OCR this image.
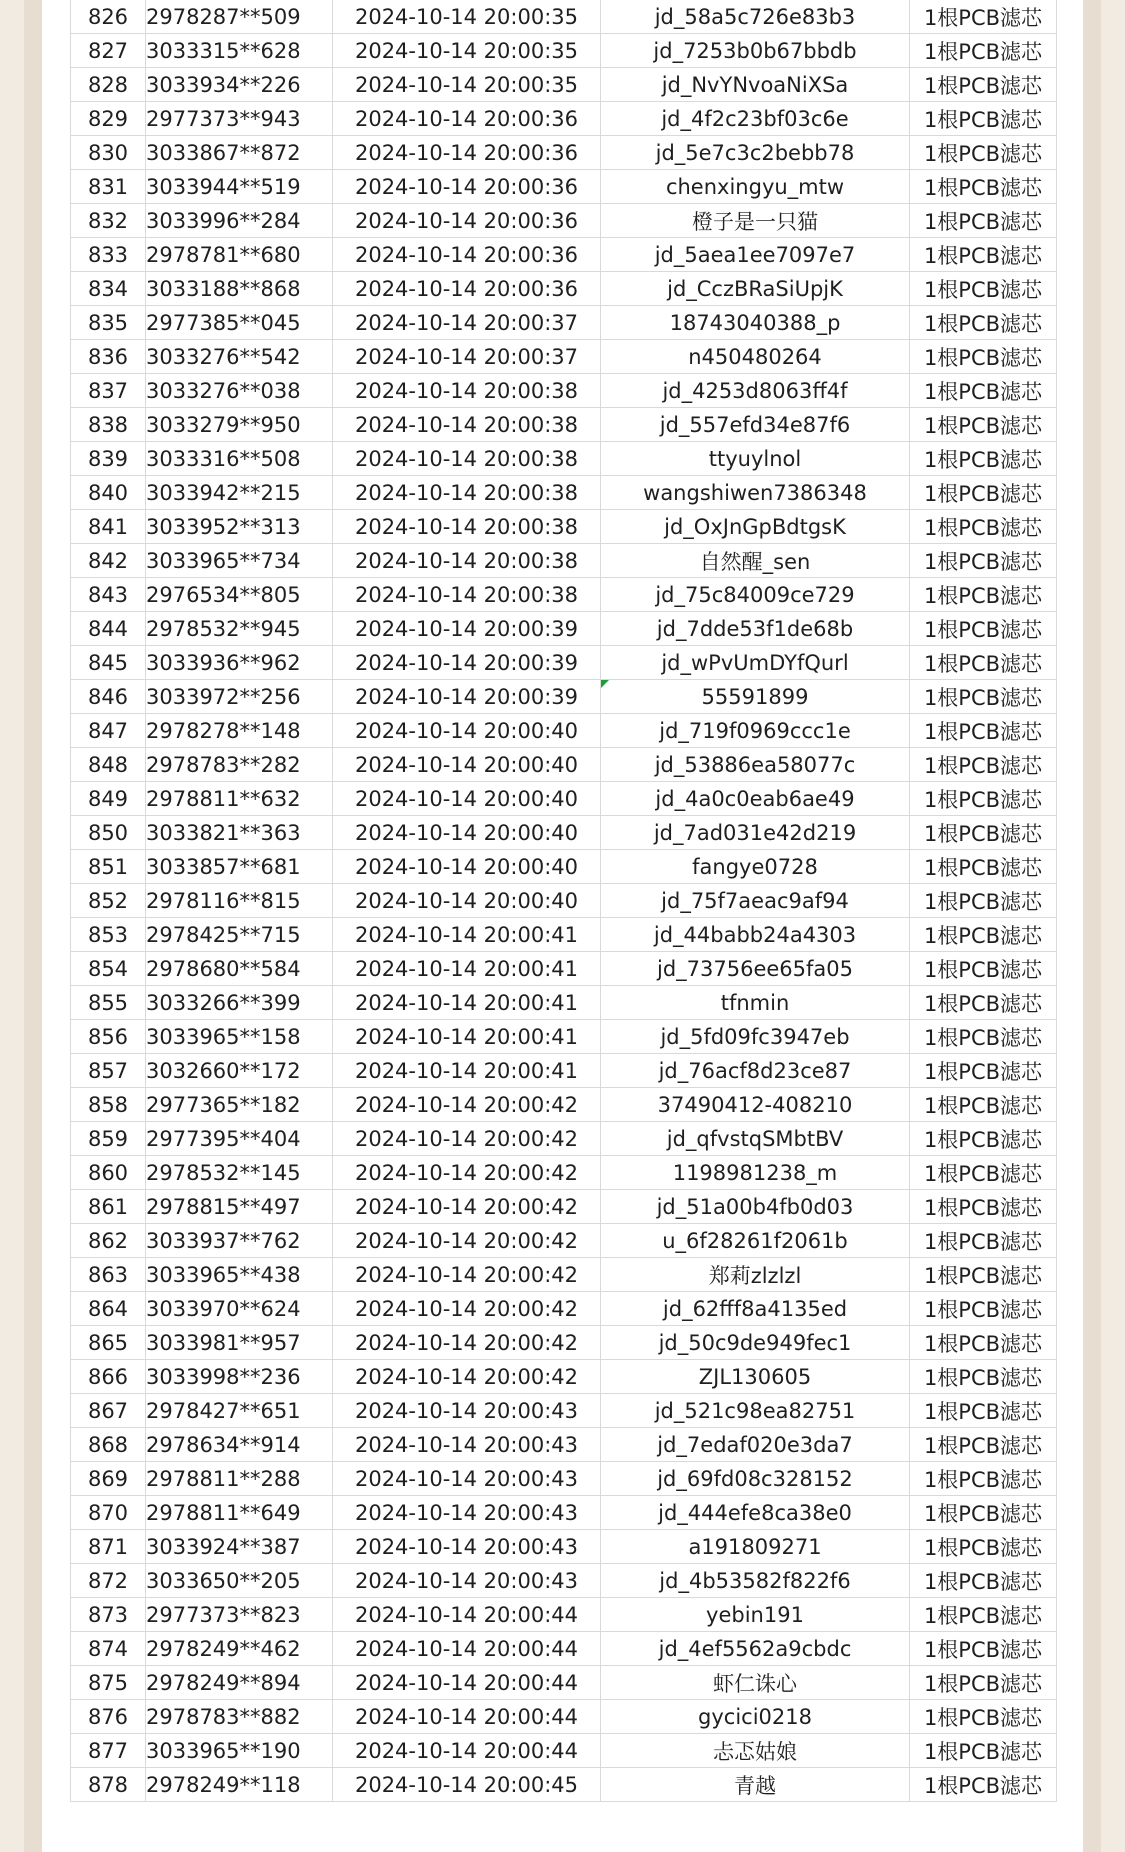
826	2978287**509	2024-10-14 20:00:35	jd_58a5c726e83b3	1根PCB滤芯
827	3033315**628	2024-10-14 20:00:35	jd_7253b0b67bbdb	1根PCB滤芯
828	3033934**226	2024-10-14 20:00:35	jd_NvYNvoaNiXSa	1根PCB滤芯
829	2977373**943	2024-10-14 20:00:36	jd_4f2c23bf03c6e	1根PCB滤芯
830	3033867**872	2024-10-14 20:00:36	jd_5e7c3c2bebb78	1根PCB滤芯
831	3033944**519	2024-10-14 20:00:36	chenxingyu_mtw	1根PCB滤芯
832	3033996**284	2024-10-14 20:00:36	橙子是一只猫	1根PCB滤芯
833	2978781**680	2024-10-14 20:00:36	jd_5aea1ee7097e7	1根PCB滤芯
834	3033188**868	2024-10-14 20:00:36	jd_CczBRaSiUpjK	1根PCB滤芯
835	2977385**045	2024-10-14 20:00:37	18743040388_p	1根PCB滤芯
836	3033276**542	2024-10-14 20:00:37	n450480264	1根PCB滤芯
837	3033276**038	2024-10-14 20:00:38	jd_4253d8063ff4f	1根PCB滤芯
838	3033279**950	2024-10-14 20:00:38	jd_557efd34e87f6	1根PCB滤芯
839	3033316**508	2024-10-14 20:00:38	ttyuylnol	1根PCB滤芯
840	3033942**215	2024-10-14 20:00:38	wangshiwen7386348	1根PCB滤芯
841	3033952**313	2024-10-14 20:00:38	jd_OxJnGpBdtgsK	1根PCB滤芯
842	3033965**734	2024-10-14 20:00:38	自然醒_sen	1根PCB滤芯
843	2976534**805	2024-10-14 20:00:38	jd_75c84009ce729	1根PCB滤芯
844	2978532**945	2024-10-14 20:00:39	jd_7dde53f1de68b	1根PCB滤芯
845	3033936**962	2024-10-14 20:00:39	jd_wPvUmDYfQurl	1根PCB滤芯
846	3033972**256	2024-10-14 20:00:39	55591899	1根PCB滤芯
847	2978278**148	2024-10-14 20:00:40	jd_719f0969ccc1e	1根PCB滤芯
848	2978783**282	2024-10-14 20:00:40	jd_53886ea58077c	1根PCB滤芯
849	2978811**632	2024-10-14 20:00:40	jd_4a0c0eab6ae49	1根PCB滤芯
850	3033821**363	2024-10-14 20:00:40	jd_7ad031e42d219	1根PCB滤芯
851	3033857**681	2024-10-14 20:00:40	fangye0728	1根PCB滤芯
852	2978116**815	2024-10-14 20:00:40	jd_75f7aeac9af94	1根PCB滤芯
853	2978425**715	2024-10-14 20:00:41	jd_44babb24a4303	1根PCB滤芯
854	2978680**584	2024-10-14 20:00:41	jd_73756ee65fa05	1根PCB滤芯
855	3033266**399	2024-10-14 20:00:41	tfnmin	1根PCB滤芯
856	3033965**158	2024-10-14 20:00:41	jd_5fd09fc3947eb	1根PCB滤芯
857	3032660**172	2024-10-14 20:00:41	jd_76acf8d23ce87	1根PCB滤芯
858	2977365**182	2024-10-14 20:00:42	37490412-408210	1根PCB滤芯
859	2977395**404	2024-10-14 20:00:42	jd_qfvstqSMbtBV	1根PCB滤芯
860	2978532**145	2024-10-14 20:00:42	1198981238_m	1根PCB滤芯
861	2978815**497	2024-10-14 20:00:42	jd_51a00b4fb0d03	1根PCB滤芯
862	3033937**762	2024-10-14 20:00:42	u_6f28261f2061b	1根PCB滤芯
863	3033965**438	2024-10-14 20:00:42	郑莉zlzlzl	1根PCB滤芯
864	3033970**624	2024-10-14 20:00:42	jd_62fff8a4135ed	1根PCB滤芯
865	3033981**957	2024-10-14 20:00:42	jd_50c9de949fec1	1根PCB滤芯
866	3033998**236	2024-10-14 20:00:42	ZJL130605	1根PCB滤芯
867	2978427**651	2024-10-14 20:00:43	jd_521c98ea82751	1根PCB滤芯
868	2978634**914	2024-10-14 20:00:43	jd_7edaf020e3da7	1根PCB滤芯
869	2978811**288	2024-10-14 20:00:43	jd_69fd08c328152	1根PCB滤芯
870	2978811**649	2024-10-14 20:00:43	jd_444efe8ca38e0	1根PCB滤芯
871	3033924**387	2024-10-14 20:00:43	a191809271	1根PCB滤芯
872	3033650**205	2024-10-14 20:00:43	jd_4b53582f822f6	1根PCB滤芯
873	2977373**823	2024-10-14 20:00:44	yebin191	1根PCB滤芯
874	2978249**462	2024-10-14 20:00:44	jd_4ef5562a9cbdc	1根PCB滤芯
875	2978249**894	2024-10-14 20:00:44	虾仁诛心	1根PCB滤芯
876	2978783**882	2024-10-14 20:00:44	gycici0218	1根PCB滤芯
877	3033965**190	2024-10-14 20:00:44	忐忑姑娘	1根PCB滤芯
878	2978249**118	2024-10-14 20:00:45	青越	1根PCB滤芯
